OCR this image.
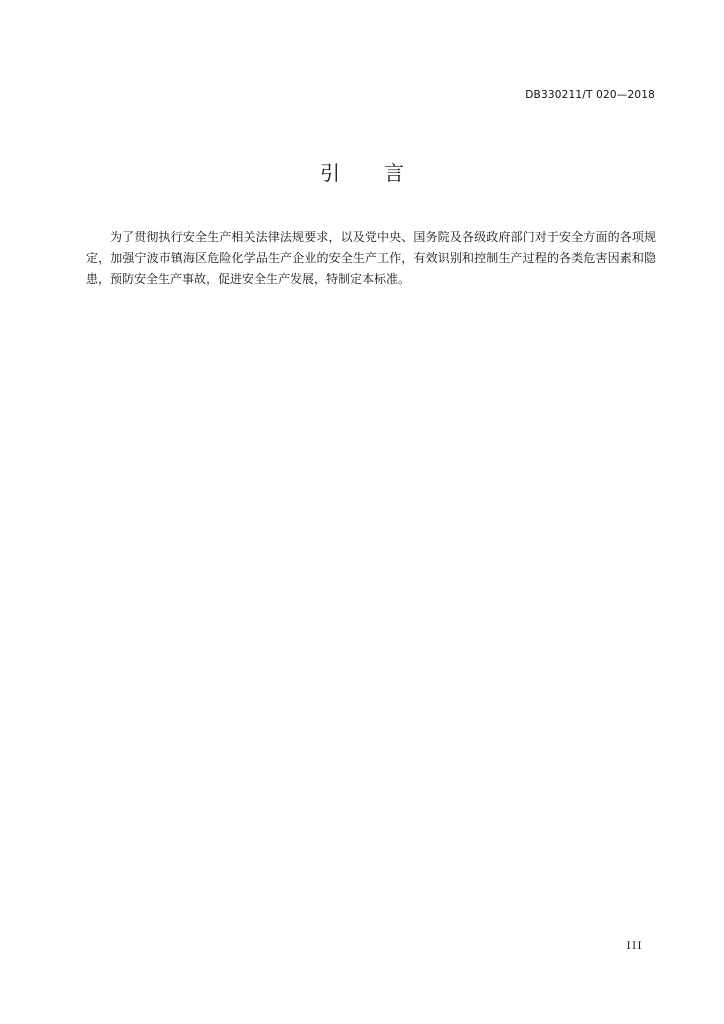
DB330211/T 020—2018
引 言

为了贯彻执行安全生产相关法律法规要求，以及党中央、国务院及各级政府部门对于安全方面的各项规定，加强宁波市镇海区危险化学品生产企业的安全生产工作，有效识别和控制生产过程的各类危害因素和隐患，预防安全生产事故，促进安全生产发展，特制定本标准。

III
